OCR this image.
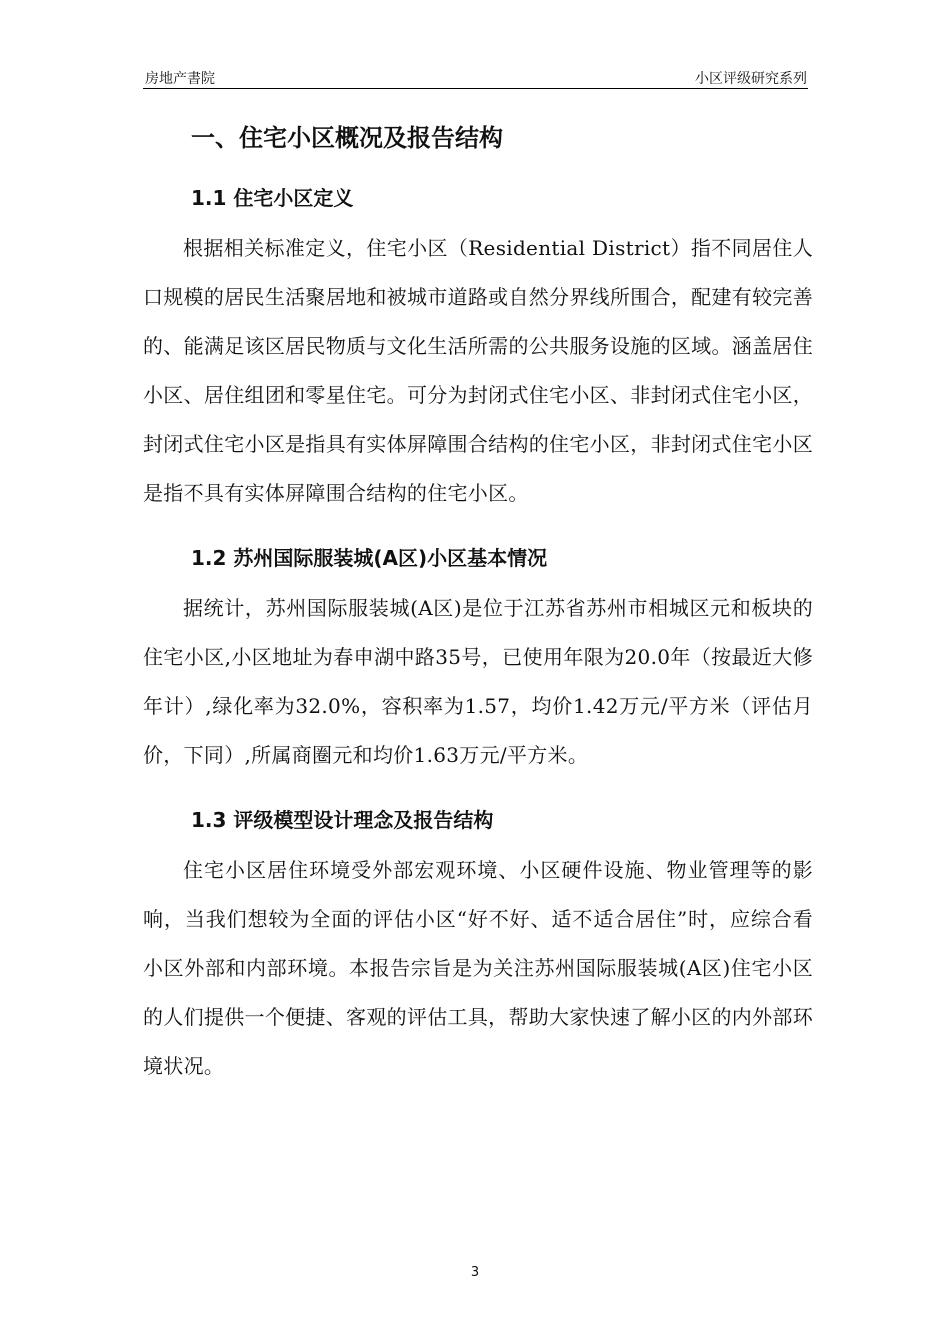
房地产書院	小区评级研究系列
一、住宅小区概况及报告结构
1.1 住宅小区定义

根据相关标准定义，住宅小区（Residential District）指不同居住人口规模的居民生活聚居地和被城市道路或自然分界线所围合，配建有较完善的、能满足该区居民物质与文化生活所需的公共服务设施的区域。涵盖居住小区、居住组团和零星住宅。可分为封闭式住宅小区、非封闭式住宅小区，封闭式住宅小区是指具有实体屏障围合结构的住宅小区，非封闭式住宅小区是指不具有实体屏障围合结构的住宅小区。

1.2 苏州国际服装城(A区)小区基本情况

据统计，苏州国际服装城(A区)是位于江苏省苏州市相城区元和板块的住宅小区,小区地址为春申湖中路35号，已使用年限为20.0年（按最近大修年计）,绿化率为32.0%，容积率为1.57，均价1.42万元/平方米（评估月价，下同）,所属商圈元和均价1.63万元/平方米。

1.3 评级模型设计理念及报告结构

住宅小区居住环境受外部宏观环境、小区硬件设施、物业管理等的影响，当我们想较为全面的评估小区“好不好、适不适合居住”时，应综合看小区外部和内部环境。本报告宗旨是为关注苏州国际服装城(A区)住宅小区的人们提供一个便捷、客观的评估工具，帮助大家快速了解小区的内外部环境状况。

3
